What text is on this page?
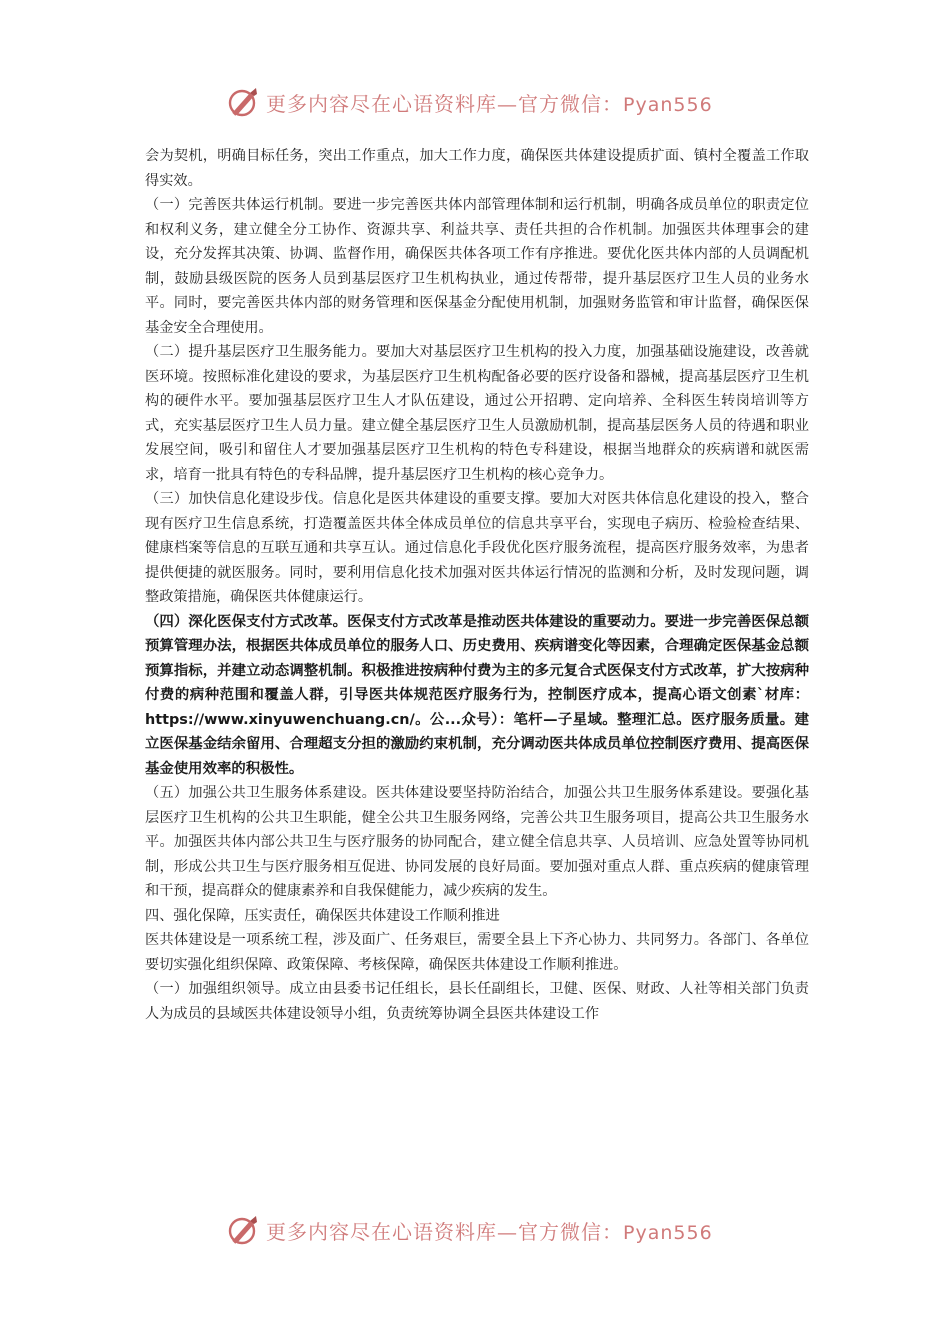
更多内容尽在心语资料库—官方微信：Pyan556

会为契机，明确目标任务，突出工作重点，加大工作力度，确保医共体建设提质扩面、镇村全覆盖工作取得实效。

（一）完善医共体运行机制。要进一步完善医共体内部管理体制和运行机制，明确各成员单位的职责定位和权利义务，建立健全分工协作、资源共享、利益共享、责任共担的合作机制。加强医共体理事会的建设，充分发挥其决策、协调、监督作用，确保医共体各项工作有序推进。要优化医共体内部的人员调配机制，鼓励县级医院的医务人员到基层医疗卫生机构执业，通过传帮带，提升基层医疗卫生人员的业务水平。同时，要完善医共体内部的财务管理和医保基金分配使用机制，加强财务监管和审计监督，确保医保基金安全合理使用。

（二）提升基层医疗卫生服务能力。要加大对基层医疗卫生机构的投入力度，加强基础设施建设，改善就医环境。按照标准化建设的要求，为基层医疗卫生机构配备必要的医疗设备和器械，提高基层医疗卫生机构的硬件水平。要加强基层医疗卫生人才队伍建设，通过公开招聘、定向培养、全科医生转岗培训等方式，充实基层医疗卫生人员力量。建立健全基层医疗卫生人员激励机制，提高基层医务人员的待遇和职业发展空间，吸引和留住人才要加强基层医疗卫生机构的特色专科建设，根据当地群众的疾病谱和就医需求，培育一批具有特色的专科品牌，提升基层医疗卫生机构的核心竞争力。

（三）加快信息化建设步伐。信息化是医共体建设的重要支撑。要加大对医共体信息化建设的投入，整合现有医疗卫生信息系统，打造覆盖医共体全体成员单位的信息共享平台，实现电子病历、检验检查结果、健康档案等信息的互联互通和共享互认。通过信息化手段优化医疗服务流程，提高医疗服务效率，为患者提供便捷的就医服务。同时，要利用信息化技术加强对医共体运行情况的监测和分析，及时发现问题，调整政策措施，确保医共体健康运行。

（四）深化医保支付方式改革。医保支付方式改革是推动医共体建设的重要动力。要进一步完善医保总额预算管理办法，根据医共体成员单位的服务人口、历史费用、疾病谱变化等因素，合理确定医保基金总额预算指标，并建立动态调整机制。积极推进按病种付费为主的多元复合式医保支付方式改革，扩大按病种付费的病种范围和覆盖人群，引导医共体规范医疗服务行为，控制医疗成本，提高心语文创素`材库：https://www.xinyuwenchuang.cn/。公...众号）：笔杆—子星域。整理汇总。医疗服务质量。建立医保基金结余留用、合理超支分担的激励约束机制，充分调动医共体成员单位控制医疗费用、提高医保基金使用效率的积极性。

（五）加强公共卫生服务体系建设。医共体建设要坚持防治结合，加强公共卫生服务体系建设。要强化基层医疗卫生机构的公共卫生职能，健全公共卫生服务网络，完善公共卫生服务项目，提高公共卫生服务水平。加强医共体内部公共卫生与医疗服务的协同配合，建立健全信息共享、人员培训、应急处置等协同机制，形成公共卫生与医疗服务相互促进、协同发展的良好局面。要加强对重点人群、重点疾病的健康管理和干预，提高群众的健康素养和自我保健能力，减少疾病的发生。

四、强化保障，压实责任，确保医共体建设工作顺利推进

医共体建设是一项系统工程，涉及面广、任务艰巨，需要全县上下齐心协力、共同努力。各部门、各单位要切实强化组织保障、政策保障、考核保障，确保医共体建设工作顺利推进。

（一）加强组织领导。成立由县委书记任组长，县长任副组长，卫健、医保、财政、人社等相关部门负责人为成员的县域医共体建设领导小组，负责统筹协调全县医共体建设工作

更多内容尽在心语资料库—官方微信：Pyan556
